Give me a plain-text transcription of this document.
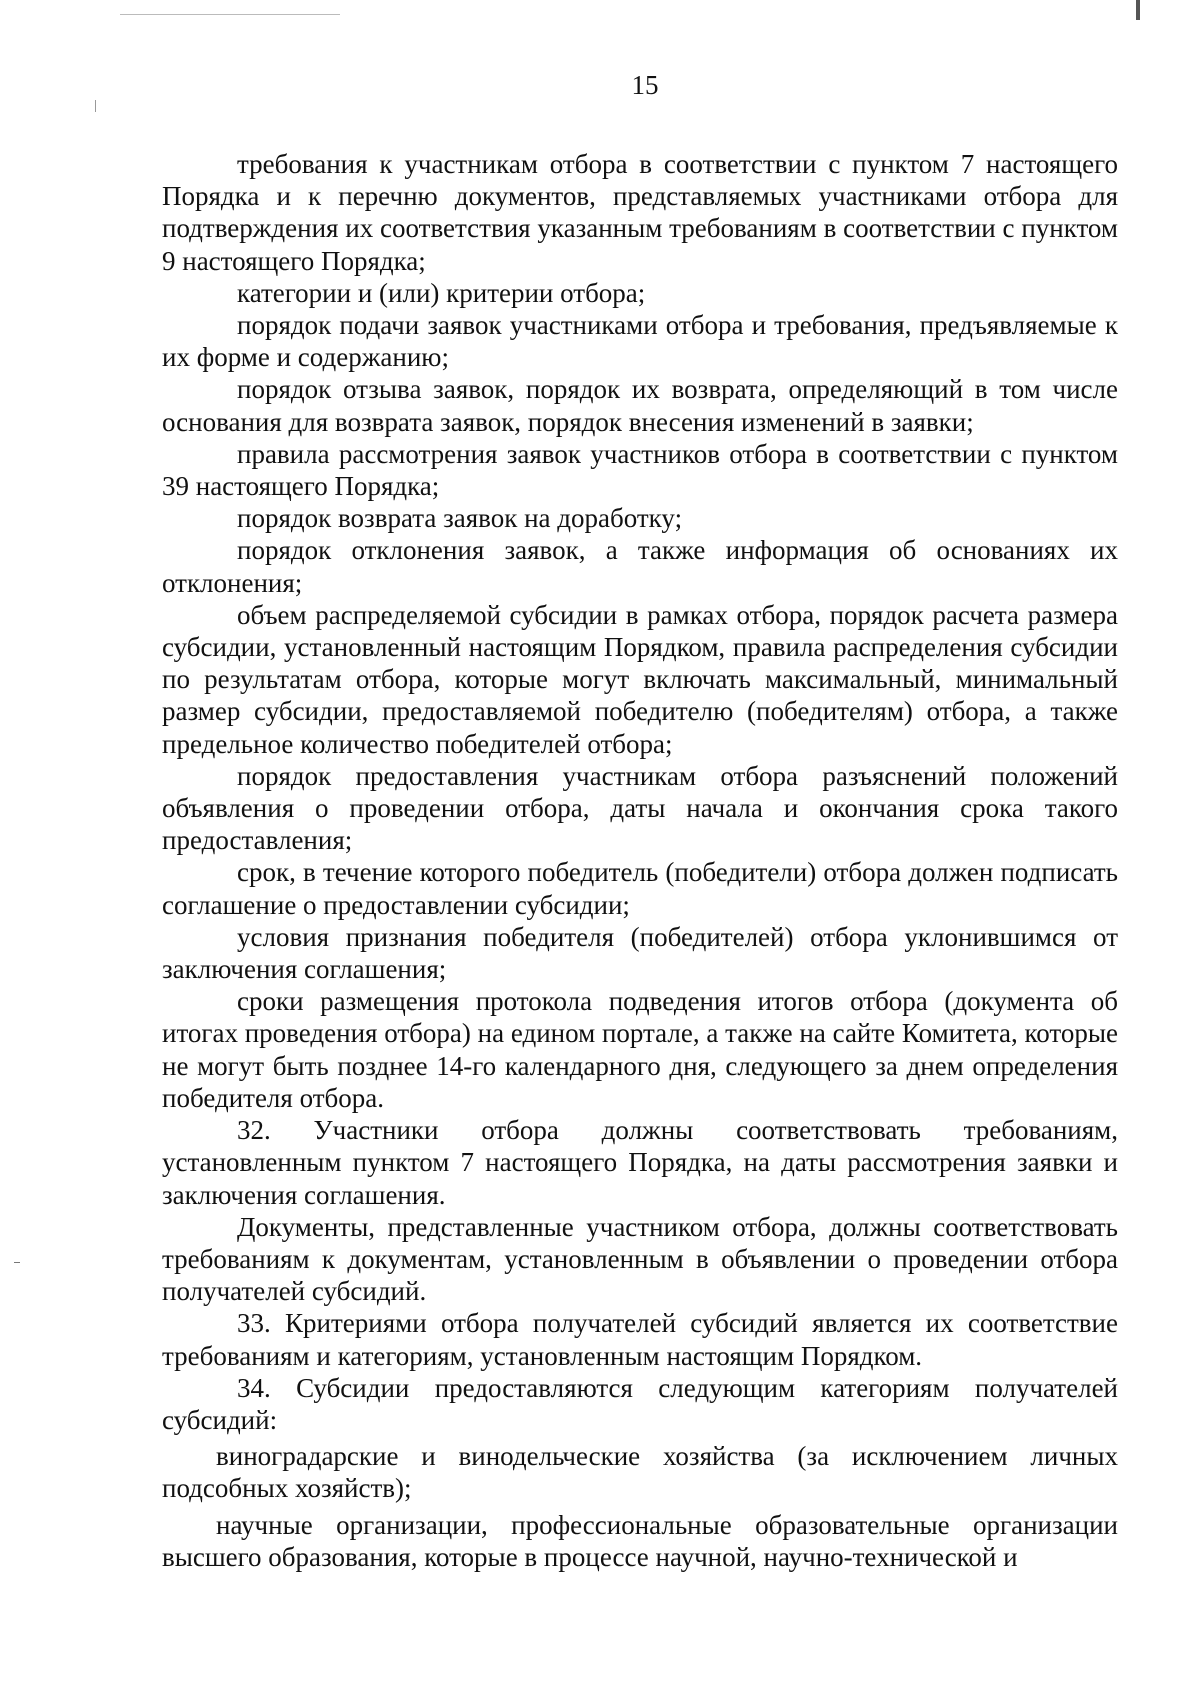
15

требования к участникам отбора в соответствии с пунктом 7 настоящего Порядка и к перечню документов, представляемых участниками отбора для подтверждения их соответствия указанным требованиям в соответствии с пунктом 9 настоящего Порядка;

категории и (или) критерии отбора;

порядок подачи заявок участниками отбора и требования, предъявляемые к их форме и содержанию;

порядок отзыва заявок, порядок их возврата, определяющий в том числе основания для возврата заявок, порядок внесения изменений в заявки;

правила рассмотрения заявок участников отбора в соответствии с пунктом 39 настоящего Порядка;

порядок возврата заявок на доработку;

порядок отклонения заявок, а также информация об основаниях их отклонения;

объем распределяемой субсидии в рамках отбора, порядок расчета размера субсидии, установленный настоящим Порядком, правила распределения субсидии по результатам отбора, которые могут включать максимальный, минимальный размер субсидии, предоставляемой победителю (победителям) отбора, а также предельное количество победителей отбора;

порядок предоставления участникам отбора разъяснений положений объявления о проведении отбора, даты начала и окончания срока такого предоставления;

срок, в течение которого победитель (победители) отбора должен подписать соглашение о предоставлении субсидии;

условия признания победителя (победителей) отбора уклонившимся от заключения соглашения;

сроки размещения протокола подведения итогов отбора (документа об итогах проведения отбора) на едином портале, а также на сайте Комитета, которые не могут быть позднее 14-го календарного дня, следующего за днем определения победителя отбора.

32. Участники отбора должны соответствовать требованиям, установленным пунктом 7 настоящего Порядка, на даты рассмотрения заявки и заключения соглашения.

Документы, представленные участником отбора, должны соответствовать требованиям к документам, установленным в объявлении о проведении отбора получателей субсидий.

33. Критериями отбора получателей субсидий является их соответствие требованиям и категориям, установленным настоящим Порядком.

34. Субсидии предоставляются следующим категориям получателей субсидий:

виноградарские и винодельческие хозяйства (за исключением личных подсобных хозяйств);

научные организации, профессиональные образовательные организации высшего образования, которые в процессе научной, научно-технической и
